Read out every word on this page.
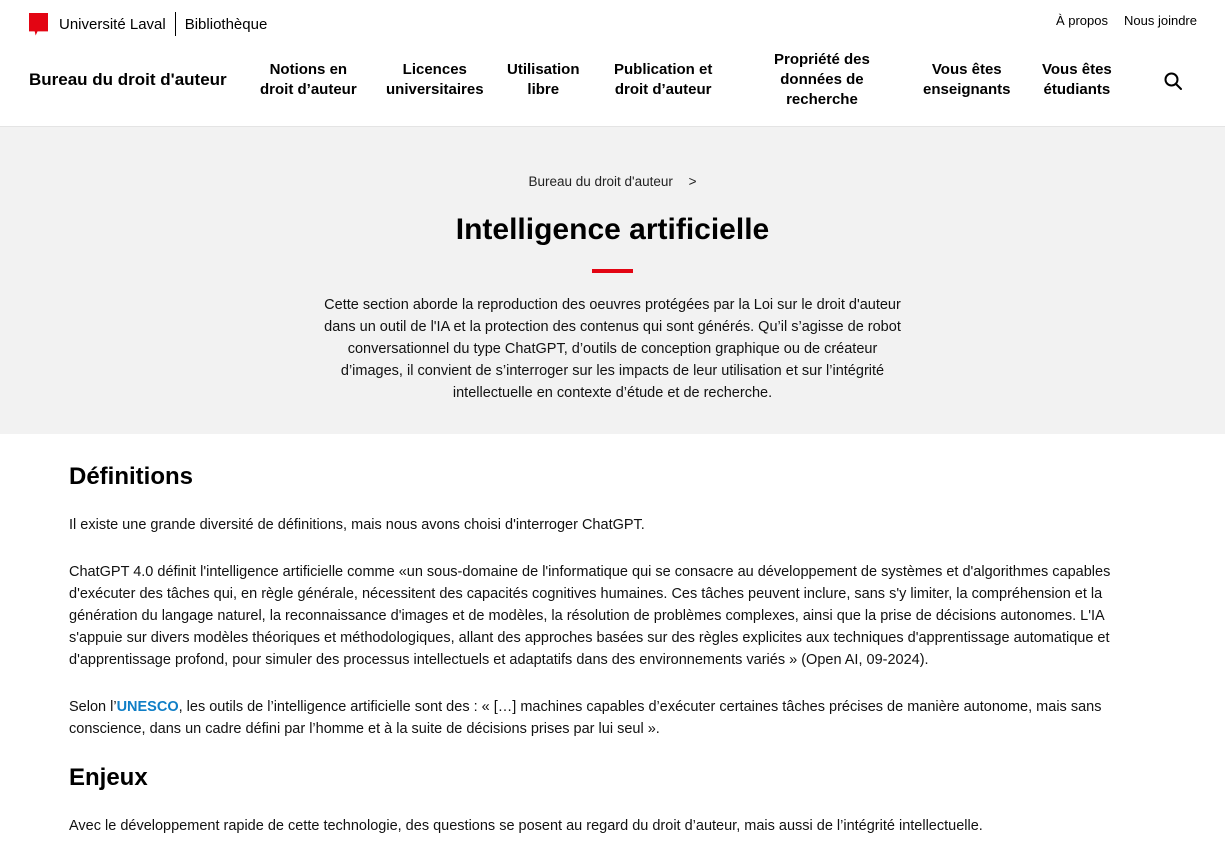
Université Laval Bibliothèque	À propos Nous joindre
Bureau du droit d'auteur
Notions en
droit d’auteur
Licences
universitaires
Utilisation
libre
Publication et
droit d’auteur
Propriété des
données de
recherche
Vous êtes
enseignants
Vous êtes
étudiants
Bureau du droit d'auteur >
Intelligence artificielle
Cette section aborde la reproduction des oeuvres protégées par la Loi sur le droit d'auteur
dans un outil de l'IA et la protection des contenus qui sont générés. Qu’il s’agisse de robot
conversationnel du type ChatGPT, d’outils de conception graphique ou de créateur
d’images, il convient de s’interroger sur les impacts de leur utilisation et sur l’intégrité
intellectuelle en contexte d’étude et de recherche.
Définitions

Il existe une grande diversité de définitions, mais nous avons choisi d'interroger ChatGPT.

ChatGPT 4.0 définit l'intelligence artificielle comme «un sous-domaine de l'informatique qui se consacre au développement de systèmes et d'algorithmes capables
d'exécuter des tâches qui, en règle générale, nécessitent des capacités cognitives humaines. Ces tâches peuvent inclure, sans s'y limiter, la compréhension et la
génération du langage naturel, la reconnaissance d'images et de modèles, la résolution de problèmes complexes, ainsi que la prise de décisions autonomes. L'IA
s'appuie sur divers modèles théoriques et méthodologiques, allant des approches basées sur des règles explicites aux techniques d'apprentissage automatique et
d'apprentissage profond, pour simuler des processus intellectuels et adaptatifs dans des environnements variés » (Open AI, 09-2024).
Selon l’UNESCO, les outils de l’intelligence artificielle sont des : « […] machines capables d’exécuter certaines tâches précises de manière autonome, mais sans
conscience, dans un cadre défini par l’homme et à la suite de décisions prises par lui seul ».
Enjeux

Avec le développement rapide de cette technologie, des questions se posent au regard du droit d’auteur, mais aussi de l’intégrité intellectuelle.
